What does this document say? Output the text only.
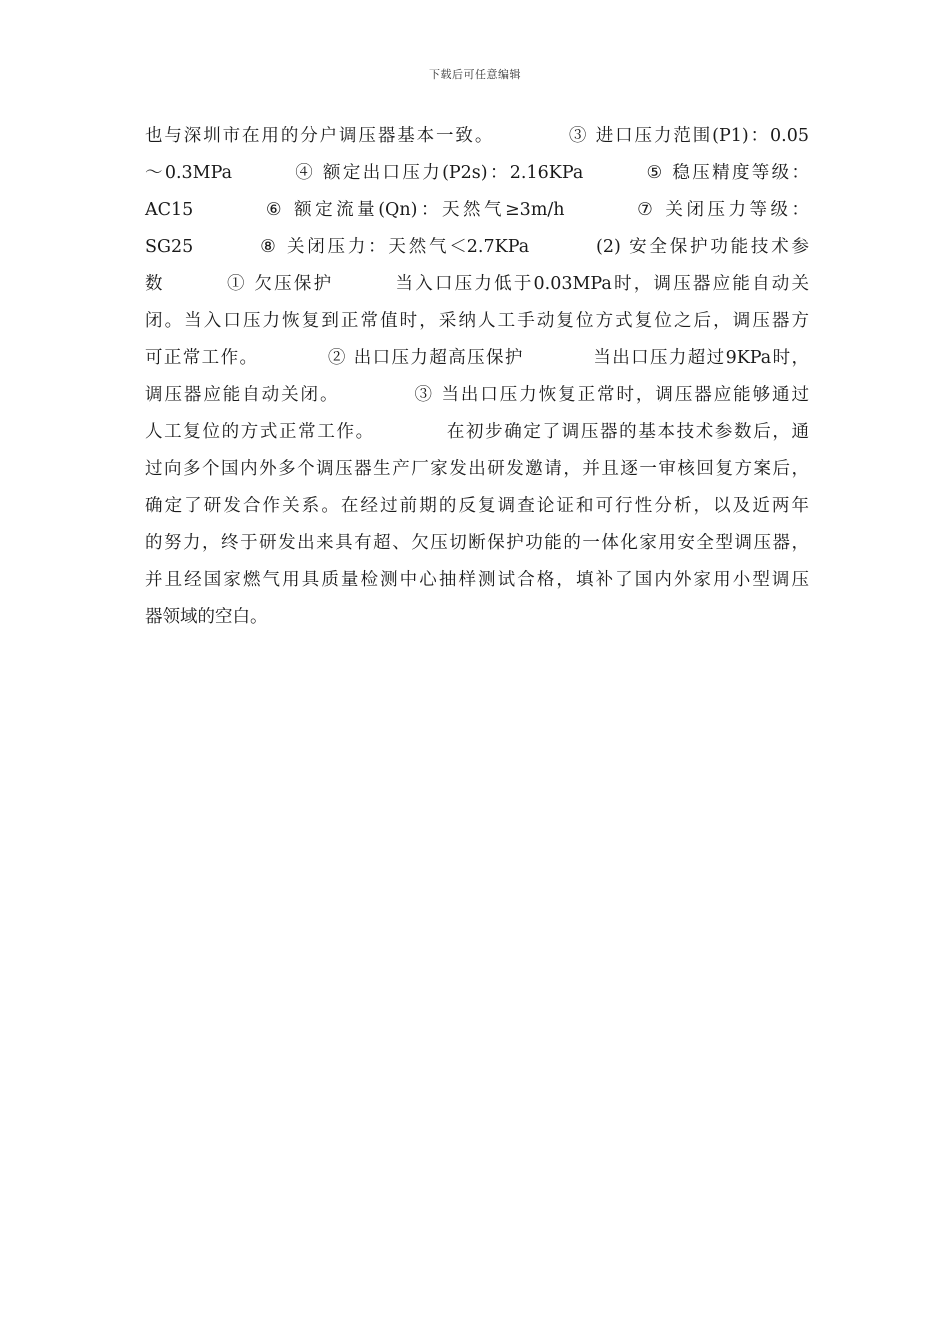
下载后可任意编辑
也与深圳市在用的分户调压器基本一致。          ③ 进口压力范围(P1)：0.05
～0.3MPa        ④ 额定出口压力(P2s)：2.16KPa        ⑤ 稳压精度等级：
AC15        ⑥ 额定流量(Qn)：天然气≥3m/h        ⑦ 关闭压力等级：
SG25        ⑧ 关闭压力：天然气＜2.7KPa        (2) 安全保护功能技术参
数        ① 欠压保护        当入口压力低于0.03MPa时，调压器应能自动关
闭。当入口压力恢复到正常值时，采纳人工手动复位方式复位之后，调压器方
可正常工作。          ② 出口压力超高压保护          当出口压力超过9KPa时，
调压器应能自动关闭。          ③ 当出口压力恢复正常时，调压器应能够通过
人工复位的方式正常工作。          在初步确定了调压器的基本技术参数后，通
过向多个国内外多个调压器生产厂家发出研发邀请，并且逐一审核回复方案后，
确定了研发合作关系。在经过前期的反复调查论证和可行性分析，以及近两年
的努力，终于研发出来具有超、欠压切断保护功能的一体化家用安全型调压器，
并且经国家燃气用具质量检测中心抽样测试合格，填补了国内外家用小型调压
器领域的空白。
